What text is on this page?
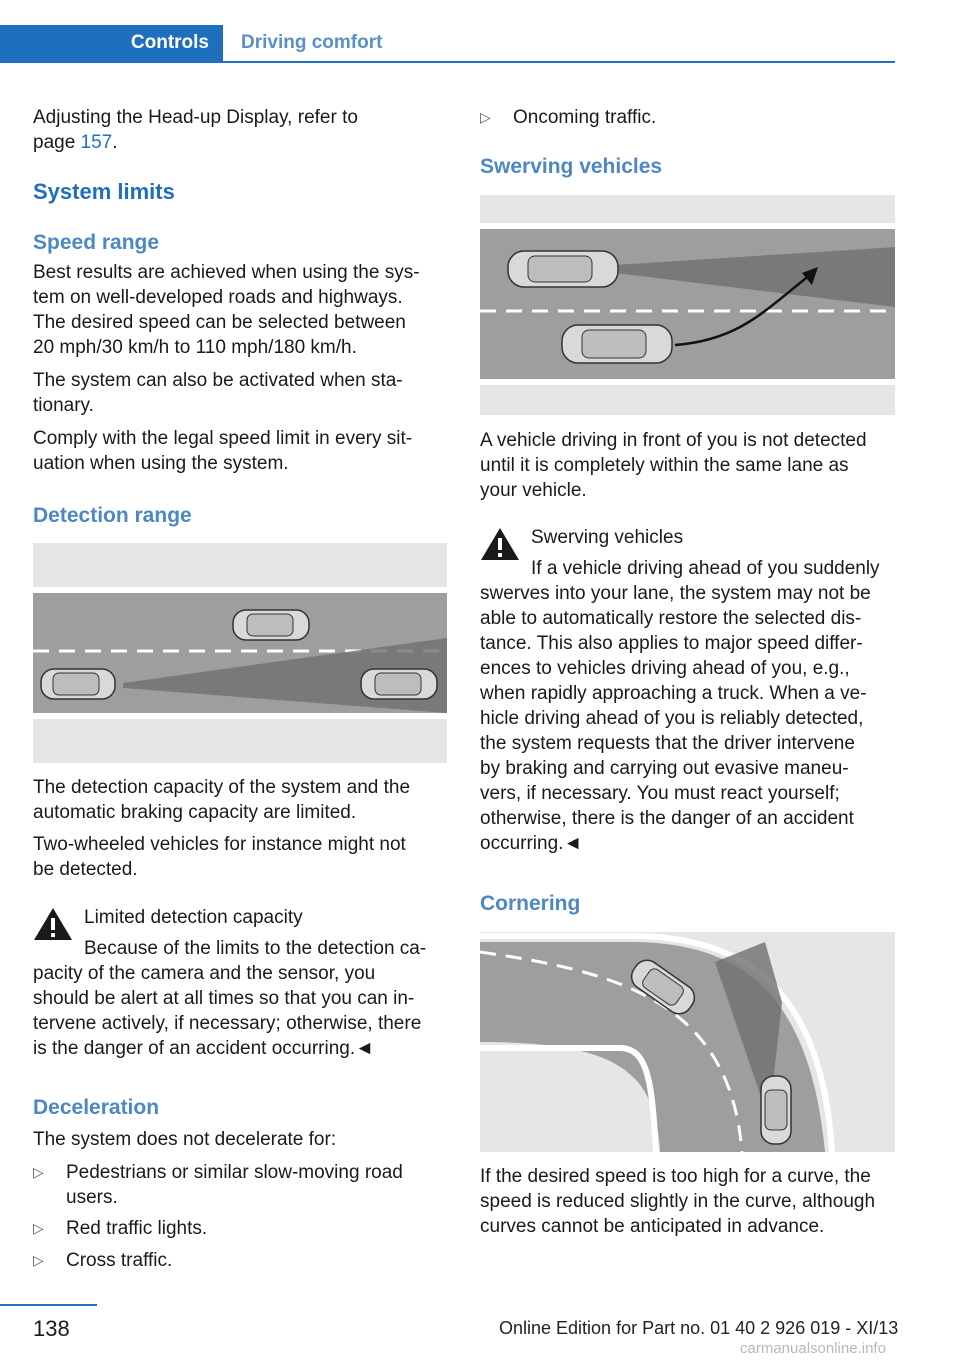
Controls	Driving comfort

Adjusting the Head-up Display, refer to

page 157.

System limits
Speed range

Best results are achieved when using the sys-

tem on well-developed roads and highways.

The desired speed can be selected between

20 mph/30 km/h to 110 mph/180 km/h.

The system can also be activated when sta-

tionary.

Comply with the legal speed limit in every sit-

uation when using the system.

Detection range

The detection capacity of the system and the

automatic braking capacity are limited.

Two-wheeled vehicles for instance might not

be detected.

Limited detection capacity

Because of the limits to the detection ca-

pacity of the camera and the sensor, you

should be alert at all times so that you can in-

tervene actively, if necessary; otherwise, there

is the danger of an accident occurring.◄

Deceleration

The system does not decelerate for:

▷ Pedestrians or similar slow-moving road
users.
▷ Red traffic lights.
▷ Cross traffic.
▷ Oncoming traffic.
Swerving vehicles

A vehicle driving in front of you is not detected

until it is completely within the same lane as

your vehicle.

Swerving vehicles

If a vehicle driving ahead of you suddenly

swerves into your lane, the system may not be

able to automatically restore the selected dis-

tance. This also applies to major speed differ-

ences to vehicles driving ahead of you, e.g.,

when rapidly approaching a truck. When a ve-

hicle driving ahead of you is reliably detected,

the system requests that the driver intervene

by braking and carrying out evasive maneu-

vers, if necessary. You must react yourself;

otherwise, there is the danger of an accident

occurring.◄

Cornering

If the desired speed is too high for a curve, the

speed is reduced slightly in the curve, although

curves cannot be anticipated in advance.

138	Online Edition for Part no. 01 40 2 926 019 - XI/13
carmanualsonline.info
